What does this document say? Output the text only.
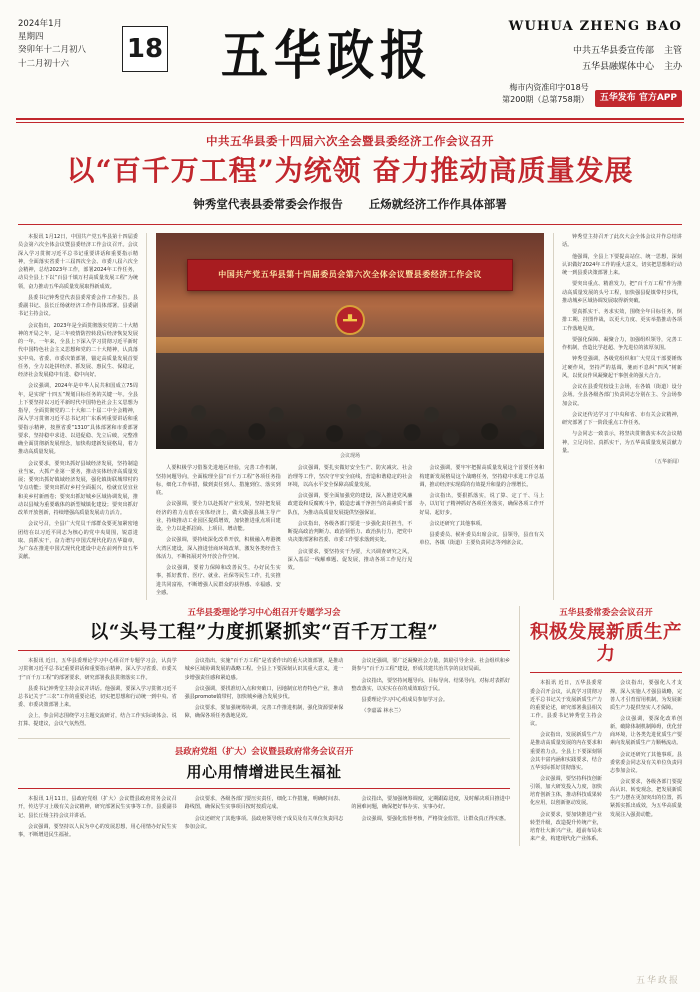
2024年1月
星期四
癸卯年十二月初八
十二月初十六	18 五华政报	WUHUA ZHENG BAO
中共五华县委宣传部 主管
五华县融媒体中心 主办
梅市内资准印字018号
第200期（总第758期）	五华发布 官方APP
中共五华县委十四届六次全会暨县委经济工作会议召开
以“百千万工程”为统领 奋力推动高质量发展
钟秀堂代表县委常委会作报告 丘炀就经济工作作具体部署

本报讯 1月12日，中国共产党五华县第十四届委员会第六次全体会议暨县委经济工作会议召开。会议深入学习贯彻习近平总书记重要讲话和重要指示精神，全面落实省委十三届四次全会、市委八届六次全会精神，总结2023年工作，部署2024年工作任务，动员全县上下以“百县千镇万村高质量发展工程”为统领，奋力推动五华高质量发展取得新成效。

县委书记钟秀堂代表县委常委会作工作报告。县委副书记、县长丘炀就经济工作作具体部署。县委副书记主持会议。

会议指出，2023年是全面贯彻落实党的二十大精神的开局之年，是三年疫情防控转段后经济恢复发展的一年。一年来，全县上下深入学习贯彻习近平新时代中国特色社会主义思想和党的二十大精神，认真落实中央、省委、市委决策部署，锚定高质量发展首要任务，全力以赴拼经济、抓发展、惠民生、保稳定，经济社会发展稳中有进、稳中向好。

会议强调，2024年是中华人民共和国成立75周年，是实现“十四五”规划目标任务的关键一年。全县上下要坚持以习近平新时代中国特色社会主义思想为指导，全面贯彻党的二十大和二十届二中全会精神，深入学习贯彻习近平总书记对广东系列重要讲话和重要指示精神，按照省委“1310”具体部署和市委部署要求，坚持稳中求进、以进促稳、先立后破，完整准确全面贯彻新发展理念，加快构建新发展格局，着力推动高质量发展。

会议要求，要突出抓好县域经济发展，坚持制造业当家，大抓产业第一要务，推动实体经济高质量发展；要突出抓好镇域经济发展，强化镇街联城带村的节点功能；要突出抓好乡村全面振兴，绘就宜居宜业和美乡村新画卷；要突出抓好城乡区域协调发展，推动以县城为重要载体的新型城镇化建设；要突出抓好改革开放创新，持续增强高质量发展动力活力。

会议号召，全县广大党员干部群众要更加紧密地团结在以习近平同志为核心的党中央周围，锐意进取、真抓实干，奋力谱写中国式现代化的五华篇章，为广东在推进中国式现代化建设中走在前列作出五华贡献。

中国共产党五华县第十四届委员会第六次全体会议暨县委经济工作会议
会议现场

人要积极学习借鉴先进地区经验，完善工作机制，坚持问题导向，全面梳理全县“百千万工程”各项任务指标，细化工作举措，做到责任到人、措施到位、落实到底。

会议强调，要全力以赴抓好产业发展，坚持把发展经济的着力点放在实体经济上，做大做强县域主导产业，持续推动工业园区提质增效，加快推进重点项目建设，全力以赴抓招商、上项目、增动能。

会议强调，要持续深化改革开放，积极融入粤港澳大湾区建设，深入推进营商环境改革，激发各类经营主体活力，不断拓展对外开放合作空间。

会议强调，要着力保障和改善民生，办好民生实事，抓好教育、医疗、就业、社保等民生工作，扎实推进共同富裕，不断增强人民群众的获得感、幸福感、安全感。

会议强调，要扎实做好安全生产、防灾减灾、社会治理等工作，坚决守牢安全底线，营造和谐稳定的社会环境，以高水平安全保障高质量发展。

会议强调，要全面加强党的建设，深入推进党风廉政建设和反腐败斗争，锻造忠诚干净担当的高素质干部队伍，为推动高质量发展提供坚强保证。

会议指出，各级各部门要进一步强化责任担当，不断提高政治判断力、政治领悟力、政治执行力，把党中央决策部署和省委、市委工作要求落到实处。

会议要求，要坚持实干为要，大兴调查研究之风，深入基层一线解难题、促发展，推动各项工作见行见效。

会议强调，要牢牢把握高质量发展这个首要任务和构建新发展格局这个战略任务，坚持稳中求进工作总基调，推动经济实现质的有效提升和量的合理增长。

会议指出，要狠抓落实，说了算、定了干、马上办，以钉钉子精神抓好各项任务落实，确保各项工作开好局、起好步。

会议还研究了其他事项。

县委委员、候补委员出席会议。县领导，县直有关单位、各镇（街道）主要负责同志等列席会议。

钟秀堂主持召开了此次大会全体会议并作总结讲话。

他强调，全县上下要提高站位、统一思想，深刻认识做好2024年工作的重大意义，切实把思想和行动统一到县委决策部署上来。

要突出重点、精准发力，把“百千万工程”作为推动高质量发展的头号工程，加快强县促镇带村步伐，推动城乡区域协调发展取得新突破。

要真抓实干、务求实效，围绕全年目标任务，倒排工期、挂图作战，以更大力度、更实举措推动各项工作落地见效。

要强化保障、凝聚合力，加强组织领导，完善工作机制，营造比学赶超、争先进位的浓厚氛围。

钟秀堂强调，各级党组织和广大党员干部要锤炼过硬作风，坚持严的基调，驰而不息纠“四风”树新风，以优良作风凝聚起干事创业的强大合力。

会议在县委党校设主会场，在各镇（街道）设分会场。全县各级各部门负责同志分别在主、分会场参加会议。

会议还传达学习了中央和省、市有关会议精神，研究部署了下一阶段重点工作任务。

与会同志一致表示，将坚决贯彻落实本次会议精神，立足岗位、真抓实干，为五华高质量发展贡献力量。

（五华新闻）
五华县委理论学习中心组召开专题学习会
以“头号工程”力度抓紧抓实“百千万工程”

本报讯 近日，五华县委理论学习中心组召开专题学习会，认真学习贯彻习近平总书记重要讲话和重要指示精神，深入学习省委、市委关于“百千万工程”的部署要求，研究部署我县贯彻落实工作。

县委书记钟秀堂主持会议并讲话。他强调，要深入学习贯彻习近平总书记关于“三农”工作的重要论述，切实把思想和行动统一到中央、省委、市委决策部署上来。

会上，参会同志围绕学习主题交流研讨，结合工作实际谈体会、说打算、提建议，会议气氛热烈。

会议指出，实施“百千万工程”是省委作出的重大决策部署，是推动城乡区域协调发展的战略工程。全县上下要深刻认识其重大意义，进一步增强责任感和紧迫感。

会议强调，要找准切入点和突破口，因地制宜培育特色产业，推动强县promote镇带村，加快城乡融合发展步伐。

会议要求，要加强统筹协调，完善工作推进机制，强化资源要素保障，确保各项任务落地见效。

会议还强调，要广泛凝聚社会力量，鼓励引导企业、社会组织和乡贤参与“百千万工程”建设，形成共建共治共享的良好局面。

会议指出，要坚持问题导向、目标导向、结果导向，对标对表抓好整改落实，以实实在在的成效取信于民。

县委理论学习中心组成员参加学习会。

（李嘉霖 林水兰）

县政府党组（扩大）会议暨县政府常务会议召开
用心用情增进民生福祉

本报讯 1月11日，县政府党组（扩大）会议暨县政府常务会议召开，传达学习上级有关会议精神，研究部署民生实事等工作。县委副书记、县长丘炀主持会议并讲话。

会议强调，要坚持以人民为中心的发展思想，用心用情办好民生实事，不断增进民生福祉。

会议要求，各级各部门要压实责任，细化工作措施，明确时间表、路线图，确保民生实事项目按时按质完成。

会议还研究了其他事项。县政府领导班子成员及有关单位负责同志参加会议。

会议指出，要加强统筹调度，定期跟踪进度，及时解决项目推进中的困难问题，确保把好事办实、实事办好。

会议强调，要强化监督考核，严格资金监管，让群众真正得实惠。

五华县委常委会会议召开
积极发展新质生产力

本报讯 近日，五华县委常委会召开会议，认真学习贯彻习近平总书记关于发展新质生产力的重要论述，研究部署我县相关工作。县委书记钟秀堂主持会议。

会议指出，发展新质生产力是推动高质量发展的内在要求和重要着力点。全县上下要深刻领会其丰富内涵和实践要求，结合五华实际抓好贯彻落实。

会议强调，要坚持科技创新引领，加大研发投入力度，加快培育创新主体，推动科技成果转化应用，以创新驱动发展。

会议要求，要加快推进产业转型升级，改造提升传统产业，培育壮大新兴产业，超前布局未来产业，构建现代化产业体系。

会议指出，要强化人才支撑，深入实施人才强县战略，完善人才引育留用机制，为发展新质生产力提供坚实人才保障。

会议强调，要深化改革创新，破除体制机制障碍，优化营商环境，让各类先进优质生产要素向发展新质生产力顺畅流动。

会议还研究了其他事项。县委常委会同志及有关单位负责同志参加会议。

会议要求，各级各部门要提高认识、转变观念，把发展新质生产力摆在更加突出的位置，抓紧抓实抓出成效，为五华高质量发展注入强劲动能。

五华政报
